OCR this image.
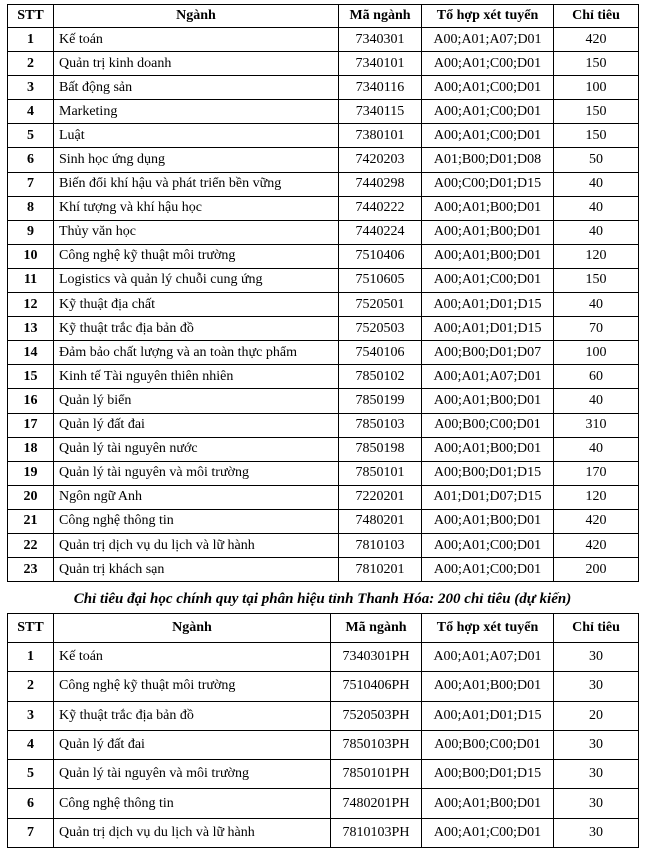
STT	Ngành	Mã ngành	Tổ hợp xét tuyển	Chỉ tiêu
1	Kế toán	7340301	A00;A01;A07;D01	420
2	Quản trị kinh doanh	7340101	A00;A01;C00;D01	150
3	Bất động sản	7340116	A00;A01;C00;D01	100
4	Marketing	7340115	A00;A01;C00;D01	150
5	Luật	7380101	A00;A01;C00;D01	150
6	Sinh học ứng dụng	7420203	A01;B00;D01;D08	50
7	Biến đổi khí hậu và phát triển bền vững	7440298	A00;C00;D01;D15	40
8	Khí tượng và khí hậu học	7440222	A00;A01;B00;D01	40
9	Thủy văn học	7440224	A00;A01;B00;D01	40
10	Công nghệ kỹ thuật môi trường	7510406	A00;A01;B00;D01	120
11	Logistics và quản lý chuỗi cung ứng	7510605	A00;A01;C00;D01	150
12	Kỹ thuật địa chất	7520501	A00;A01;D01;D15	40
13	Kỹ thuật trắc địa bản đồ	7520503	A00;A01;D01;D15	70
14	Đảm bảo chất lượng và an toàn thực phẩm	7540106	A00;B00;D01;D07	100
15	Kinh tế Tài nguyên thiên nhiên	7850102	A00;A01;A07;D01	60
16	Quản lý biển	7850199	A00;A01;B00;D01	40
17	Quản lý đất đai	7850103	A00;B00;C00;D01	310
18	Quản lý tài nguyên nước	7850198	A00;A01;B00;D01	40
19	Quản lý tài nguyên và môi trường	7850101	A00;B00;D01;D15	170
20	Ngôn ngữ Anh	7220201	A01;D01;D07;D15	120
21	Công nghệ thông tin	7480201	A00;A01;B00;D01	420
22	Quản trị dịch vụ du lịch và lữ hành	7810103	A00;A01;C00;D01	420
23	Quản trị khách sạn	7810201	A00;A01;C00;D01	200
Chỉ tiêu đại học chính quy tại phân hiệu tỉnh Thanh Hóa: 200 chỉ tiêu (dự kiến)
STT	Ngành	Mã ngành	Tổ hợp xét tuyển	Chỉ tiêu
1	Kế toán	7340301PH	A00;A01;A07;D01	30
2	Công nghệ kỹ thuật môi trường	7510406PH	A00;A01;B00;D01	30
3	Kỹ thuật trắc địa bản đồ	7520503PH	A00;A01;D01;D15	20
4	Quản lý đất đai	7850103PH	A00;B00;C00;D01	30
5	Quản lý tài nguyên và môi trường	7850101PH	A00;B00;D01;D15	30
6	Công nghệ thông tin	7480201PH	A00;A01;B00;D01	30
7	Quản trị dịch vụ du lịch và lữ hành	7810103PH	A00;A01;C00;D01	30
